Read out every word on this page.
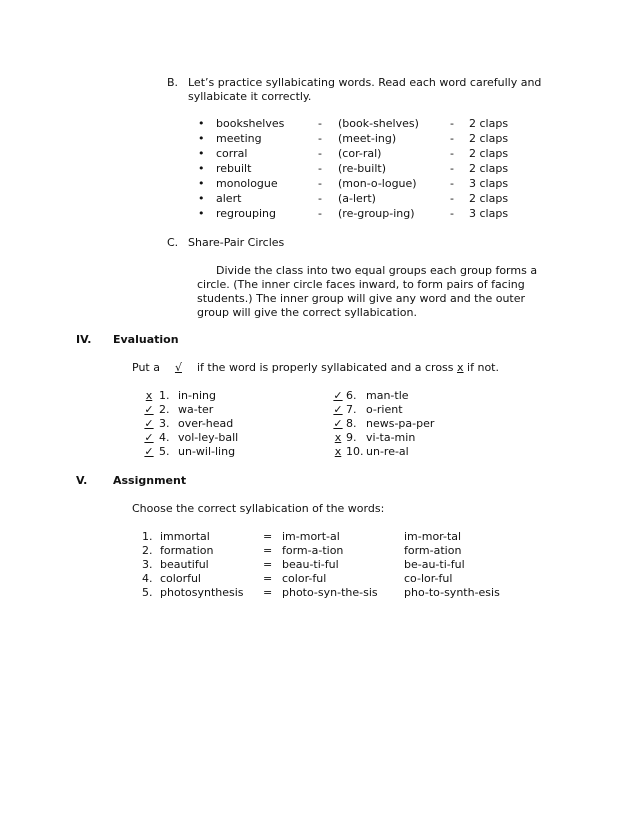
B. Let’s practice syllabicating words. Read each word carefully and
syllabicate it correctly.
• bookshelves	- (book-shelves)	- 2 claps
• meeting	- (meet-ing)	- 2 claps
• corral	- (cor-ral)	- 2 claps
• rebuilt	- (re-built)	- 2 claps
• monologue	- (mon-o-logue)	- 3 claps
• alert	- (a-lert)	- 2 claps
• regrouping	- (re-group-ing)	- 3 claps
C. Share-Pair Circles
Divide the class into two equal groups each group forms a
circle. (The inner circle faces inward, to form pairs of facing
students.) The inner group will give any word and the outer
group will give the correct syllabication.
IV. Evaluation
Put a √ if the word is properly syllabicated and a cross x if not.
x 1. in-ning
✓ 2. wa-ter
✓ 3. over-head
✓ 4. vol-ley-ball
✓ 5. un-wil-ling
✓ 6. man-tle
✓ 7. o-rient
✓ 8. news-pa-per
x 9. vi-ta-min
x 10. un-re-al
V. Assignment
Choose the correct syllabication of the words:
1. immortal	= im-mort-al	im-mor-tal
2. formation	= form-a-tion	form-ation
3. beautiful	= beau-ti-ful	be-au-ti-ful
4. colorful	= color-ful	co-lor-ful
5. photosynthesis = photo-syn-the-sis pho-to-synth-esis
